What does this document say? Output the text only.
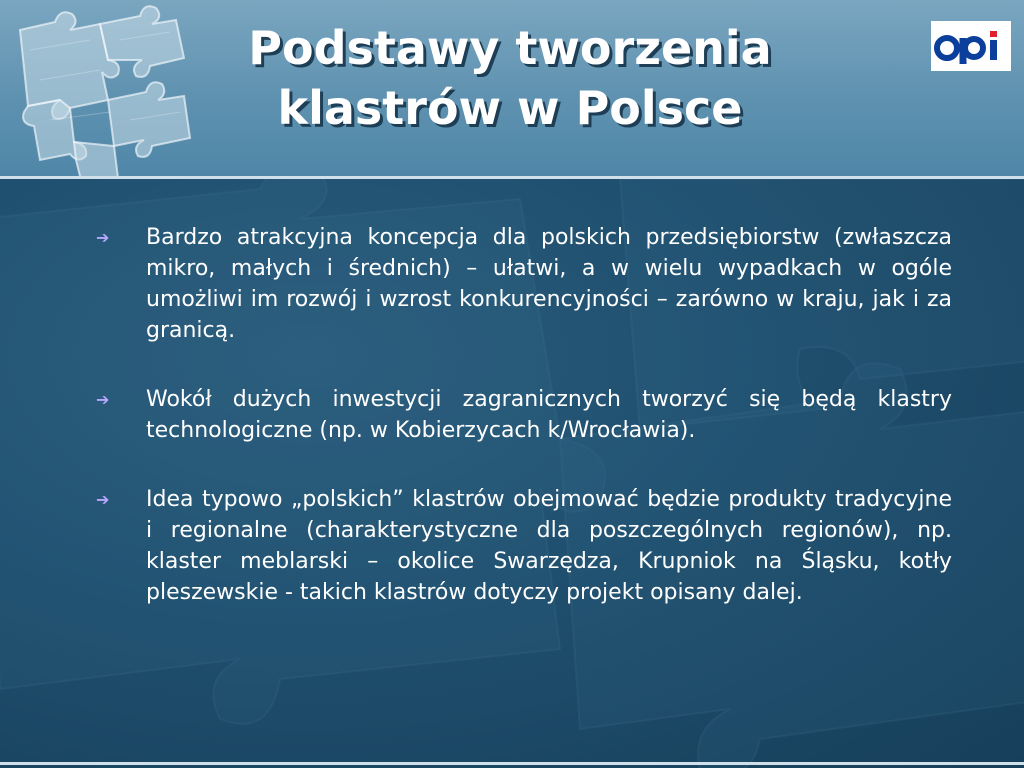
Podstawy tworzenia
klastrów w Polsce
➔ Bardzo atrakcyjna koncepcja dla polskich przedsiębiorstw (zwłaszcza mikro, małych i średnich) – ułatwi, a w wielu wypadkach w ogóle umożliwi im rozwój i wzrost konkurencyjności – zarówno w kraju, jak i za granicą.
➔ Wokół dużych inwestycji zagranicznych tworzyć się będą klastry technologiczne (np. w Kobierzycach k/Wrocławia).
➔ Idea typowo „polskich” klastrów obejmować będzie produkty tradycyjne i regionalne (charakterystyczne dla poszczególnych regionów), np. klaster meblarski – okolice Swarzędza, Krupniok na Śląsku, kotły pleszewskie - takich klastrów dotyczy projekt opisany dalej.
